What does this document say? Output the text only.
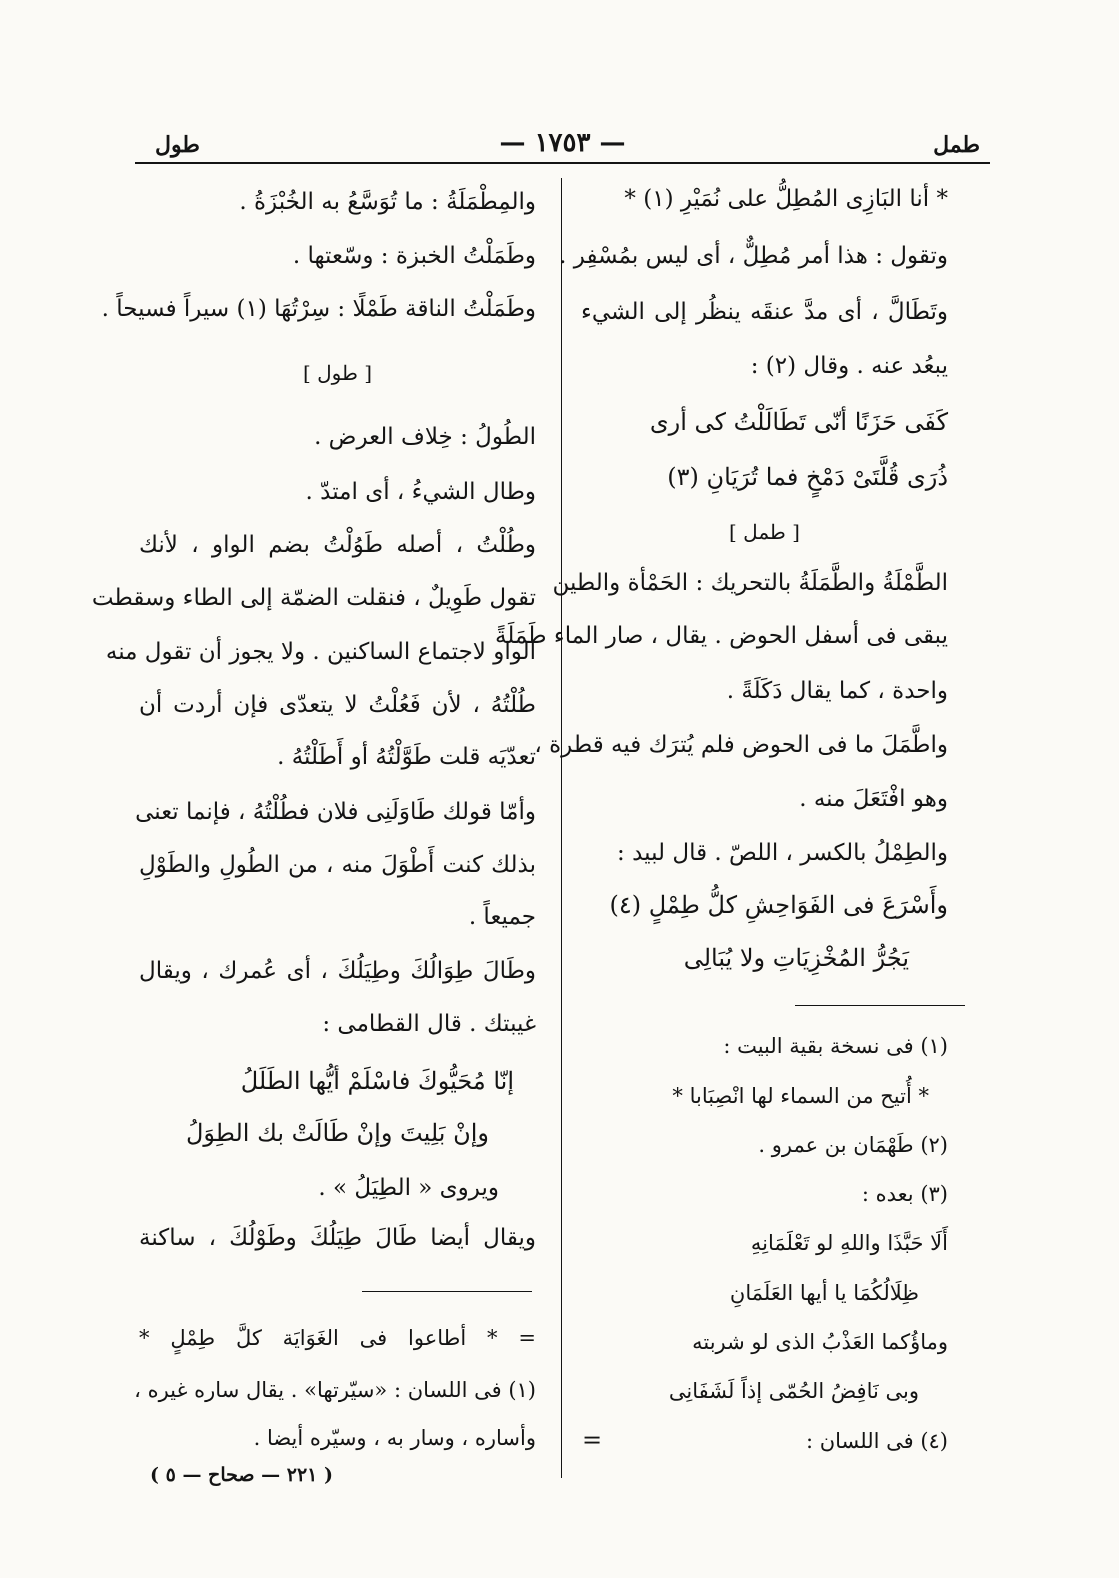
طمل
— ١٧٥٣ —
طول
* أنا البَازِى المُطِلُّ على نُمَيْرِ (١) *
وتقول : هذا أمر مُطِلٌّ ، أى ليس بمُسْفِر .
وتَطَالَّ ، أى مدَّ عنقَه ينظُر إلى الشيء
يبعُد عنه . وقال (٢) :
كَفَى حَزَنًا أنّى تَطَالَلْتُ كى أرى
ذُرَى قُلَّتَىْ دَمْخٍ فما تُرَيَانِ (٣)
[ طمل ]
الطَّمْلَةُ والطَّمَلَةُ بالتحريك : الحَمْأة والطين
يبقى فى أسفل الحوض . يقال ، صار الماء طَمَلَةً
واحدة ، كما يقال دَكَلَةً .
واطَّمَلَ ما فى الحوض فلم يُترَك فيه قطرة ،
وهو افْتَعَلَ منه .
والطِمْلُ بالكسر ، اللصّ . قال لبيد :
وأَسْرَعَ فى الفَوَاحِشِ كلُّ طِمْلٍ (٤)
يَجُرُّ المُخْزِيَاتِ ولا يُبَالِى
(١) فى نسخة بقية البيت :
* أُتيح من السماء لها انْصِبَابا *
(٢) طَهْمَان بن عمرو .
(٣) بعده :
أَلَا حَبَّذَا واللهِ لو تَعْلَمَانِهِ
ظِلَالُكُمَا يا أيها العَلَمَانِ
وماؤُكما العَذْبُ الذى لو شربته
وبى نَافِضُ الحُمّى إذاً لَشَفَانِى
(٤) فى اللسان :
=
والمِطْمَلَةُ : ما تُوَسَّعُ به الخُبْزَةُ .
وطَمَلْتُ الخبزة : وسّعتها .
وطَمَلْتُ الناقة طَمْلًا : سِرْتُهَا (١) سيراً فسيحاً .
[ طول ]
الطُولُ : خِلاف العرض .
وطال الشيءُ ، أى امتدّ .
وطُلْتُ ، أصله طَوُلْتُ بضم الواو ، لأنك
تقول طَوِيلٌ ، فنقلت الضمّة إلى الطاء وسقطت
الواو لاجتماع الساكنين . ولا يجوز أن تقول منه
طُلْتُهُ ، لأن فَعُلْتُ لا يتعدّى فإن أردت أن
تعدّيَه قلت طَوَّلْتُهُ أو أَطَلْتُهُ .
وأمّا قولك طَاوَلَنِى فلان فطُلْتُهُ ، فإنما تعنى
بذلك كنت أَطْوَلَ منه ، من الطُولِ والطَوْلِ
جميعاً .
وطَالَ طِوَالُكَ وطِيَلُكَ ، أى عُمرك ، ويقال
غيبتك . قال القطامى :
إنّا مُحَيُّوكَ فاسْلَمْ أيُّها الطَلَلُ
وإنْ بَلِيتَ وإنْ طَالَتْ بك الطِوَلُ
ويروى « الطِيَلُ » .
ويقال أيضا طَالَ طِيَلُكَ وطَوْلُكَ ، ساكنة
= * أطاعوا فى الغَوَايَة كلَّ طِمْلٍ *
(١) فى اللسان : «سيّرتها» . يقال ساره غيره ،
وأساره ، وسار به ، وسيّره أيضا .
( ٢٢١ — صحاح — ٥ )
